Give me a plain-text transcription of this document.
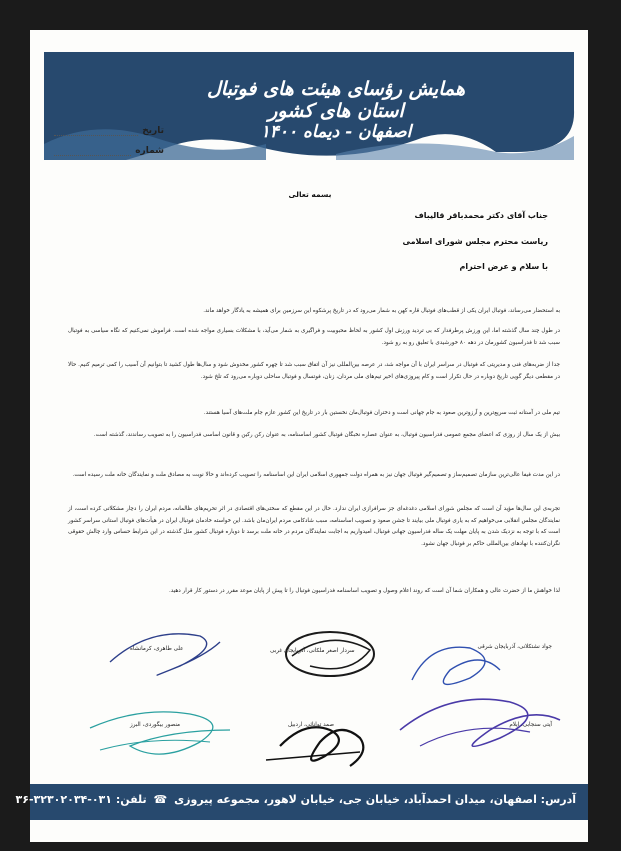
همایش رؤسای هیئت های فوتبال استان های کشور
اصفهان - دیماه ۱۴۰۰
تاریخ
شماره
بسمه تعالی
جناب آقای دکتر محمدباقر قالیباف
ریاست محترم مجلس شورای اسلامی
با سلام و عرض احترام
به استحضار می‌رساند، فوتبال ایران یکی از قطب‌های فوتبال قاره کهن به شمار می‌رود که در تاریخ پرشکوه این سرزمین برای همیشه به یادگار خواهد ماند.
در طول چند سال گذشته اما، این ورزش پرطرفدار که بی تردید ورزش اول کشور به لحاظ محبوبیت و فراگیری به شمار می‌آید، با مشکلات بسیاری مواجه شده است. فراموش نمی‌کنیم که نگاه سیاسی به فوتبال سبب شد تا فدراسیون کشورمان در دهه ۸۰ خورشیدی با تعلیق رو به رو شود.
جدا از ضربه‌های فنی و مدیریتی که فوتبال در سراسر ایران با آن مواجه شد، در عرصه بین‌المللی نیز آن اتفاق سبب شد تا چهره کشور مخدوش شود و سال‌ها طول کشید تا بتوانیم آن آسیب را کمی ترمیم کنیم. حالا در مقطعی دیگر گویی تاریخ دوباره در حال تکرار است و کام پیروزی‌های اخیر تیم‌های ملی مردان، زنان، فوتسال و فوتبال ساحلی دوباره می‌رود که تلخ شود.
تیم ملی در آستانه ثبت سریع‌ترین و آرزوترین صعود به جام جهانی است و دختران فوتبال‌مان نخستین بار در تاریخ این کشور عازم جام ملت‌های آسیا هستند.
بیش از یک سال از روزی که اعضای مجمع عمومی فدراسیون فوتبال، به عنوان عصاره نخبگان فوتبال کشور اساسنامه، به عنوان رکن رکین و قانون اساسی فدراسیون را به تصویب رساندند، گذشته است.
در این مدت فیفا عالی‌ترین سازمان تصمیم‌ساز و تصمیم‌گیر فوتبال جهان نیز به همراه دولت جمهوری اسلامی ایران این اساسنامه را تصویب کرده‌اند و حالا نوبت به مصادق ملت و نمایندگان خانه ملت رسیده است.
تجربه‌ی این سال‌ها مؤید آن است که مجلس شورای اسلامی دغدغه‌ای جز سرافرازی ایران ندارد. حال در این مقطع که سختی‌های اقتصادی در اثر تحریم‌های ظالمانه، مردم ایران را دچار مشکلاتی کرده است، از نمایندگان مجلس انقلابی می‌خواهیم که به یاری فوتبال ملی بیایند تا جشن صعود و تصویب اساسنامه، سبب شادکامی مردم ایران‌مان باشد. این خواسته خادمان فوتبال ایران در هیأت‌های فوتبال استانی سراسر کشور است که با توجه به نزدیک شدن به پایان مهلت یک ساله فدراسیون جهانی فوتبال، امیدواریم به اجابت نمایندگان مردم در خانه ملت برسد تا دوباره فوتبال کشور مثل گذشته در این شرایط حساس وارد چالش حقوقی نگران‌کننده با نهادهای بین‌المللی حاکم بر فوتبال جهان نشود.
لذا خواهش ما از حضرت عالی و همکاران شما آن است که روند اعلام وصول و تصویب اساسنامه فدراسیون فوتبال را تا پیش از پایان موعد مقرر در دستور کار قرار دهید.
جواد نشتکلانی، آذربایجان شرقی
سردار اصغر ملکانی، آذربایجان غربی
علی طاهری، کرمانشاه
آیتی سنجابی، ایلام
صمد توانائی، اردبیل
منصور بیگوردی، البرز
آدرس: اصفهان، میدان احمدآباد، خیابان جی، خیابان لاهور، مجموعه پیروزی ☎ تلفن: ۰۳۱-۳۲۳۰۲۰۳۴-۳۶
